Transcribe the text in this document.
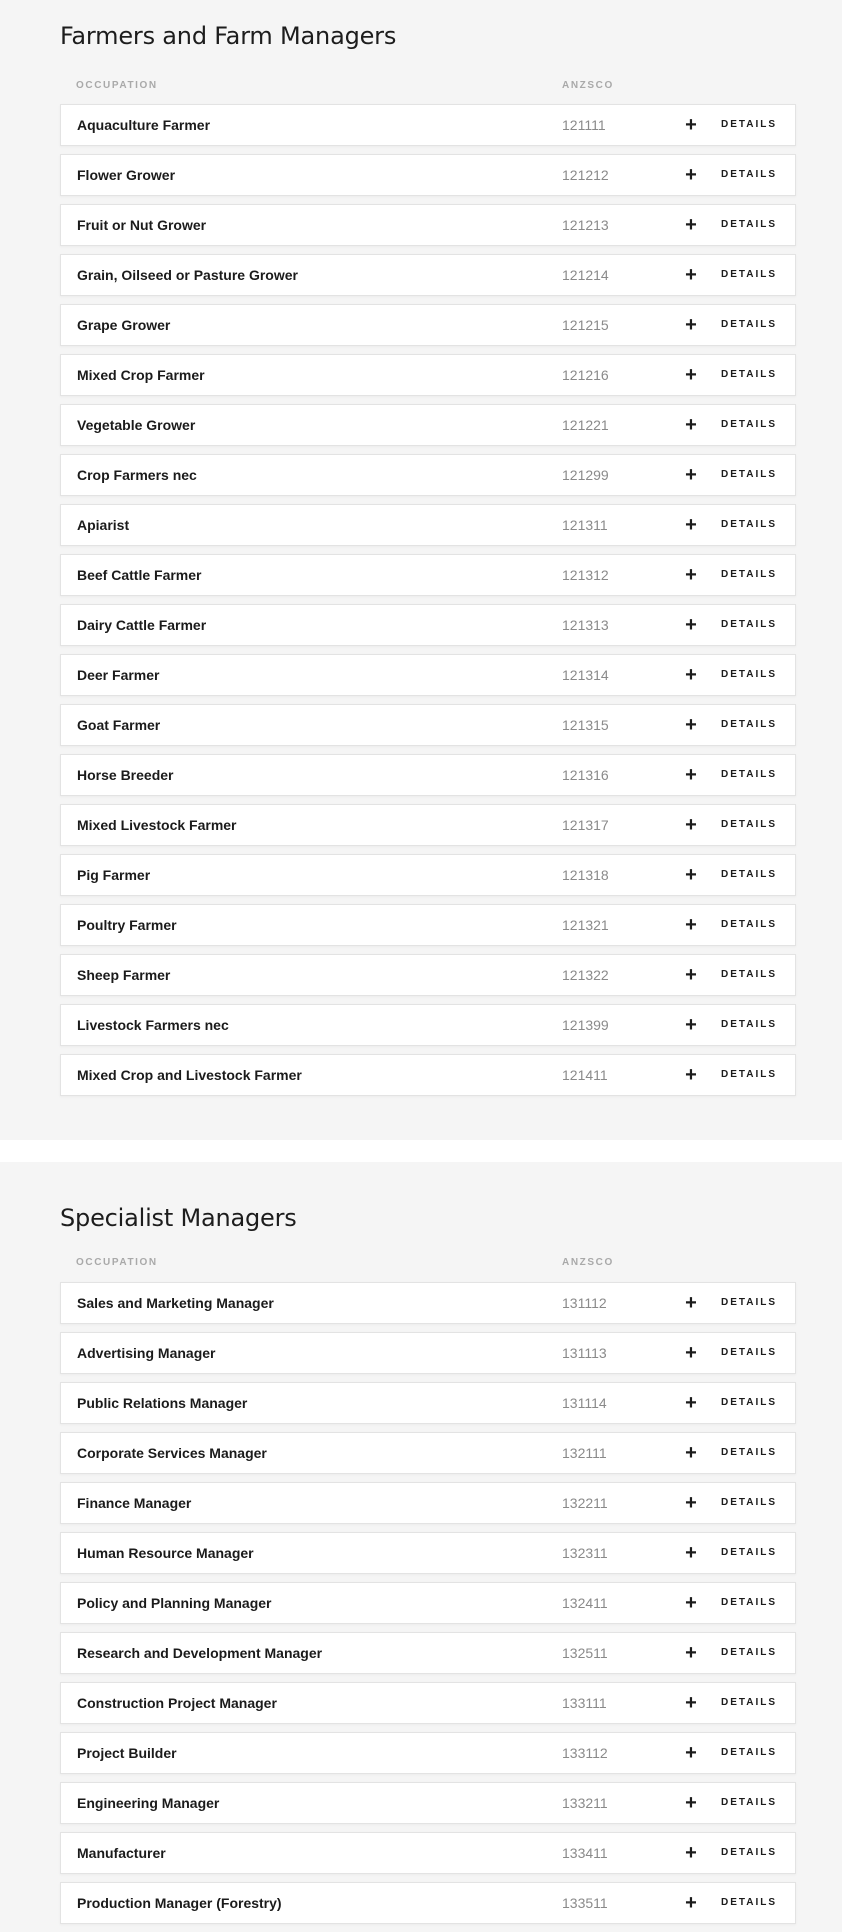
Farmers and Farm Managers
OCCUPATION	ANZSCO
Aquaculture Farmer	121111	+	DETAILS
Flower Grower	121212	+	DETAILS
Fruit or Nut Grower	121213	+	DETAILS
Grain, Oilseed or Pasture Grower	121214	+	DETAILS
Grape Grower	121215	+	DETAILS
Mixed Crop Farmer	121216	+	DETAILS
Vegetable Grower	121221	+	DETAILS
Crop Farmers nec	121299	+	DETAILS
Apiarist	121311	+	DETAILS
Beef Cattle Farmer	121312	+	DETAILS
Dairy Cattle Farmer	121313	+	DETAILS
Deer Farmer	121314	+	DETAILS
Goat Farmer	121315	+	DETAILS
Horse Breeder	121316	+	DETAILS
Mixed Livestock Farmer	121317	+	DETAILS
Pig Farmer	121318	+	DETAILS
Poultry Farmer	121321	+	DETAILS
Sheep Farmer	121322	+	DETAILS
Livestock Farmers nec	121399	+	DETAILS
Mixed Crop and Livestock Farmer	121411	+	DETAILS
Specialist Managers
OCCUPATION	ANZSCO
Sales and Marketing Manager	131112	+	DETAILS
Advertising Manager	131113	+	DETAILS
Public Relations Manager	131114	+	DETAILS
Corporate Services Manager	132111	+	DETAILS
Finance Manager	132211	+	DETAILS
Human Resource Manager	132311	+	DETAILS
Policy and Planning Manager	132411	+	DETAILS
Research and Development Manager	132511	+	DETAILS
Construction Project Manager	133111	+	DETAILS
Project Builder	133112	+	DETAILS
Engineering Manager	133211	+	DETAILS
Manufacturer	133411	+	DETAILS
Production Manager (Forestry)	133511	+	DETAILS
